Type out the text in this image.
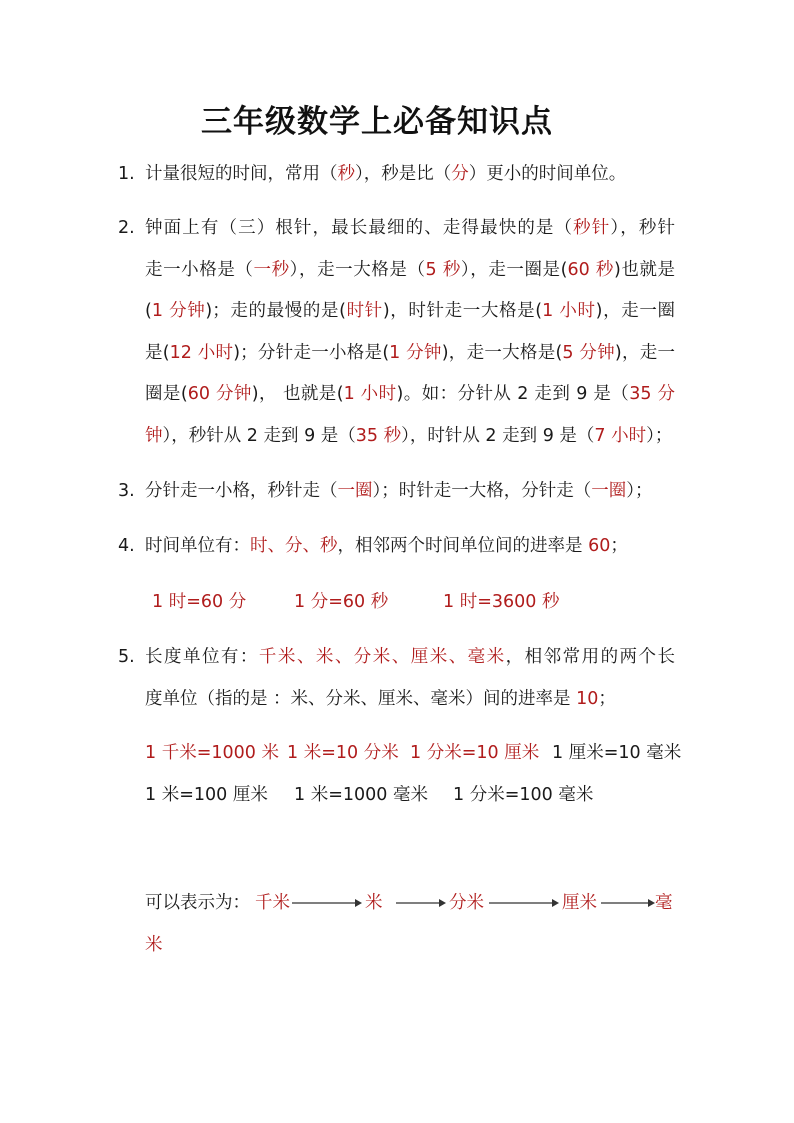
三年级数学上必备知识点
1. 计量很短的时间，常用（秒），秒是比（分）更小的时间单位。
2. 钟面上有（三）根针，最长最细的、走得最快的是（秒针），秒针
走一小格是（一秒），走一大格是（5 秒），走一圈是(60 秒)也就是
(1 分钟)；走的最慢的是(时针)，时针走一大格是(1 小时)，走一圈
是(12 小时)；分针走一小格是(1 分钟)，走一大格是(5 分钟)，走一
圈是(60 分钟)， 也就是(1 小时)。如：分针从 2 走到 9 是（35 分
钟），秒针从 2 走到 9 是（35 秒），时针从 2 走到 9 是（7 小时）；
3. 分针走一小格，秒针走（一圈）；时针走一大格，分针走（一圈）；
4. 时间单位有：时、分、秒，相邻两个时间单位间的进率是 60；
1 时=60 分	1 分=60 秒	1 时=3600 秒
5. 长度单位有：千米、米、分米、厘米、毫米，相邻常用的两个长
度单位（指的是 ：米、分米、厘米、毫米）间的进率是 10；
1 千米=1000 米 1 米=10 分米 1 分米=10 厘米 1 厘米=10 毫米
1 米=100 厘米 1 米=1000 毫米 1 分米=100 毫米
可以表示为： 千米	米	分米	厘米	毫
米
